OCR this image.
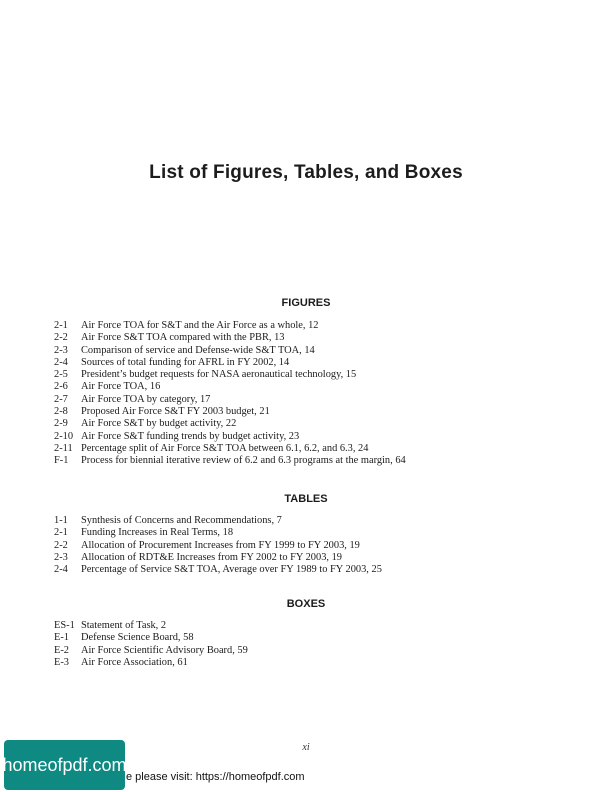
List of Figures, Tables, and Boxes
FIGURES
2-1	Air Force TOA for S&T and the Air Force as a whole, 12
2-2	Air Force S&T TOA compared with the PBR, 13
2-3	Comparison of service and Defense-wide S&T TOA, 14
2-4	Sources of total funding for AFRL in FY 2002, 14
2-5	President’s budget requests for NASA aeronautical technology, 15
2-6	Air Force TOA, 16
2-7	Air Force TOA by category, 17
2-8	Proposed Air Force S&T FY 2003 budget, 21
2-9	Air Force S&T by budget activity, 22
2-10 Air Force S&T funding trends by budget activity, 23
2-11 Percentage split of Air Force S&T TOA between 6.1, 6.2, and 6.3, 24
F-1	Process for biennial iterative review of 6.2 and 6.3 programs at the margin, 64
TABLES
1-1	Synthesis of Concerns and Recommendations, 7
2-1	Funding Increases in Real Terms, 18
2-2	Allocation of Procurement Increases from FY 1999 to FY 2003, 19
2-3	Allocation of RDT&E Increases from FY 2002 to FY 2003, 19
2-4	Percentage of Service S&T TOA, Average over FY 1989 to FY 2003, 25
BOXES
ES-1 Statement of Task, 2
E-1	Defense Science Board, 58
E-2	Air Force Scientific Advisory Board, 59
E-3	Air Force Association, 61
xi
homeofpdf.com
e please visit: https://homeofpdf.com
